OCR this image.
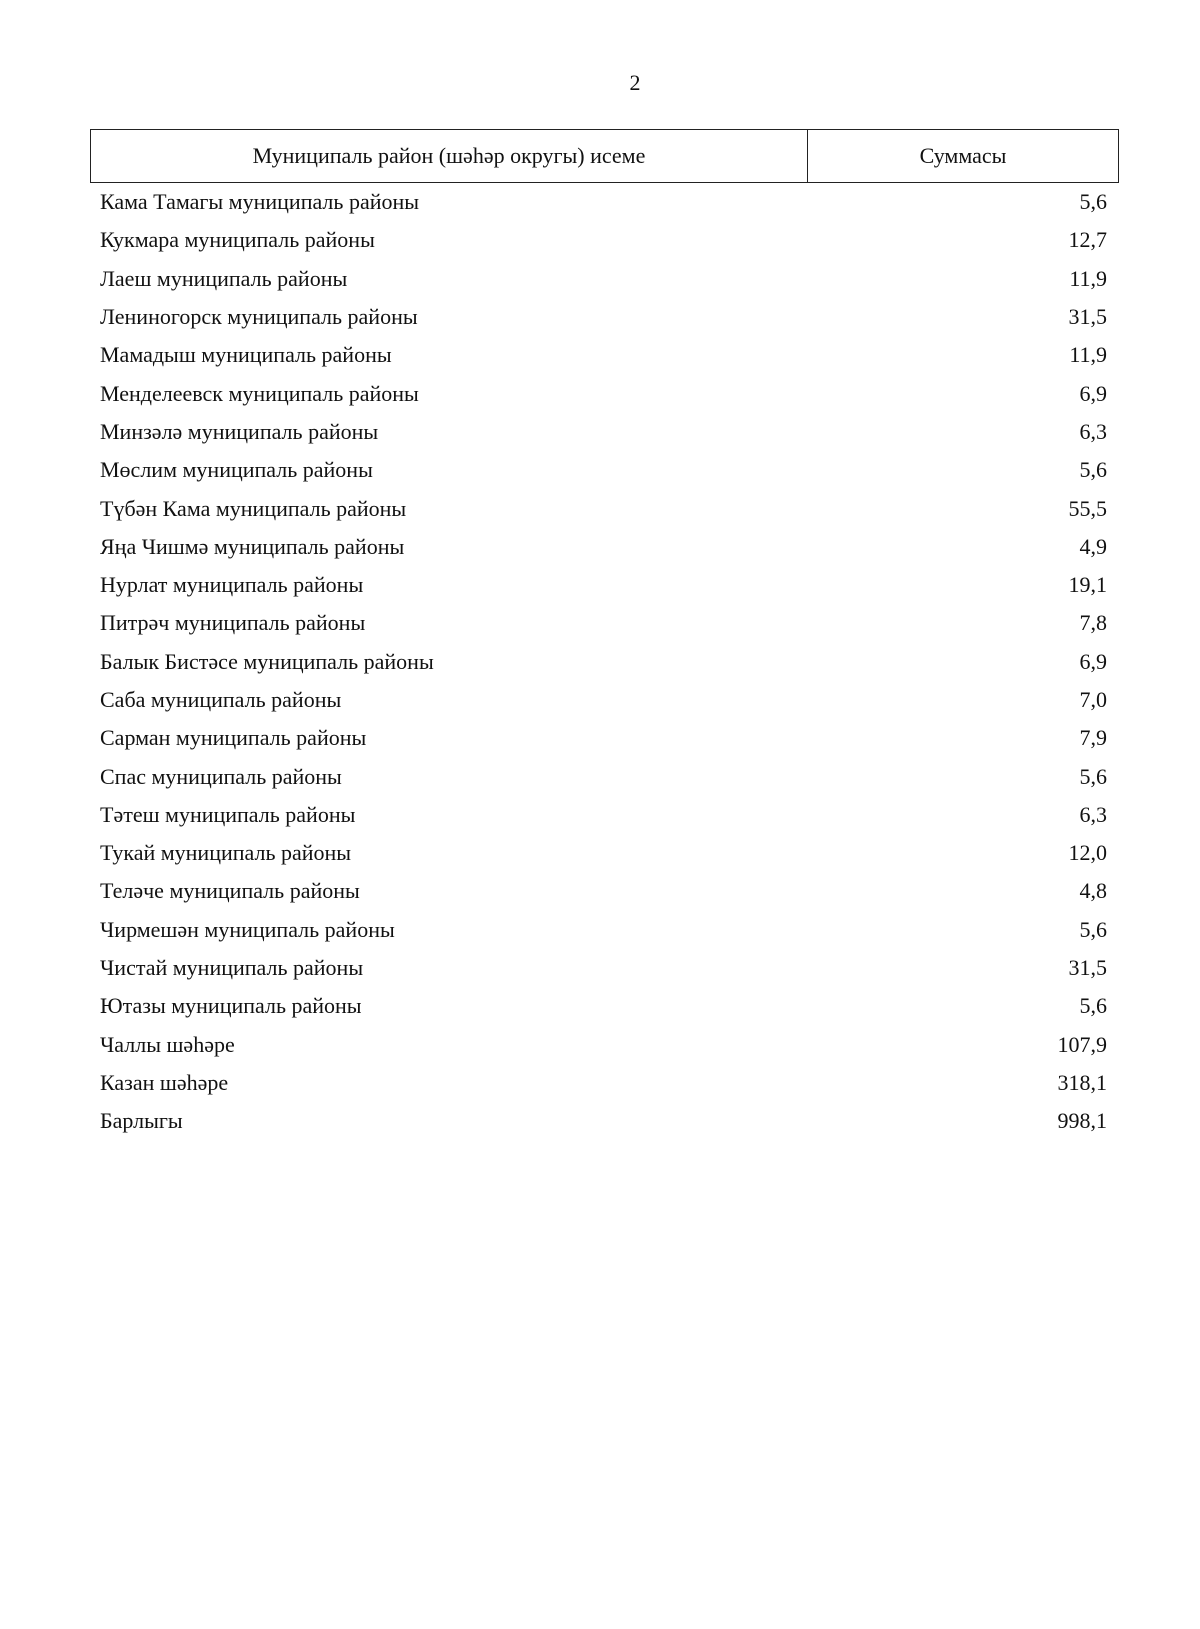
2
Муниципаль район (шәһәр округы) исеме	Суммасы
Кама Тамагы муниципаль районы	5,6
Кукмара муниципаль районы	12,7
Лаеш муниципаль районы	11,9
Лениногорск муниципаль районы	31,5
Мамадыш муниципаль районы	11,9
Менделеевск муниципаль районы	6,9
Минзәлә муниципаль районы	6,3
Мөслим муниципаль районы	5,6
Түбән Кама муниципаль районы	55,5
Яңа Чишмә муниципаль районы	4,9
Нурлат муниципаль районы	19,1
Питрәч муниципаль районы	7,8
Балык Бистәсе муниципаль районы	6,9
Саба муниципаль районы	7,0
Сарман муниципаль районы	7,9
Спас муниципаль районы	5,6
Тәтеш муниципаль районы	6,3
Тукай муниципаль районы	12,0
Теләче муниципаль районы	4,8
Чирмешән муниципаль районы	5,6
Чистай муниципаль районы	31,5
Ютазы муниципаль районы	5,6
Чаллы шәһәре	107,9
Казан шәһәре	318,1
Барлыгы	998,1
